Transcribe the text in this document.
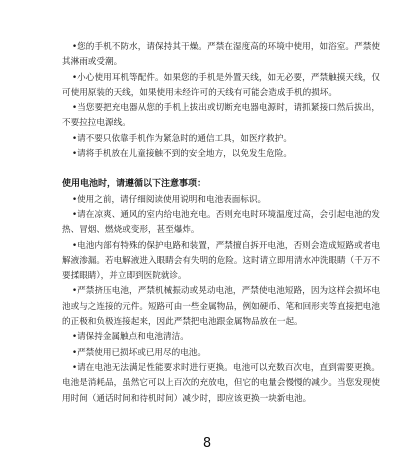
•您的手机不防水，请保持其干燥。严禁在湿度高的环境中使用，如浴室。严禁使其淋雨或受潮。

•小心使用耳机等配件。如果您的手机是外置天线，如无必要，严禁触摸天线，仅可使用原装的天线，如果使用未经许可的天线有可能会造成手机的损坏。

•当您要把充电器从您的手机上拔出或切断充电器电源时，请抓紧接口然后拔出，不要拉拉电源线。

•请不要只依靠手机作为紧急时的通信工具，如医疗救护。

•请将手机放在儿童接触不到的安全地方，以免发生危险。

使用电池时，请遵循以下注意事项：

•使用之前，请仔细阅读使用说明和电池表面标识。

•请在凉爽、通风的室内给电池充电。否则充电时环境温度过高，会引起电池的发热、冒烟、燃烧或变形，甚至爆炸。

•电池内部有特殊的保护电路和装置，严禁擅自拆开电池，否则会造成短路或者电解液渗漏。若电解液进入眼睛会有失明的危险。这时请立即用清水冲洗眼睛（千万不要揉眼睛），并立即到医院就诊。

•严禁挤压电池，严禁机械振动或晃动电池，严禁使电池短路，因为这样会损坏电池或与之连接的元件。短路可由一些金属物品，例如硬币、笔和回形夹等直接把电池的正极和负极连接起来，因此严禁把电池跟金属物品放在一起。

•请保持金属触点和电池清洁。

•严禁使用已损坏或已用尽的电池。

•请在电池无法满足性能要求时进行更换。电池可以充数百次电，直到需要更换。电池是消耗品，虽然它可以上百次的充放电，但它的电量会慢慢的减少。当您发现使用时间（通话时间和待机时间）减少时，即应该更换一块新电池。

8
